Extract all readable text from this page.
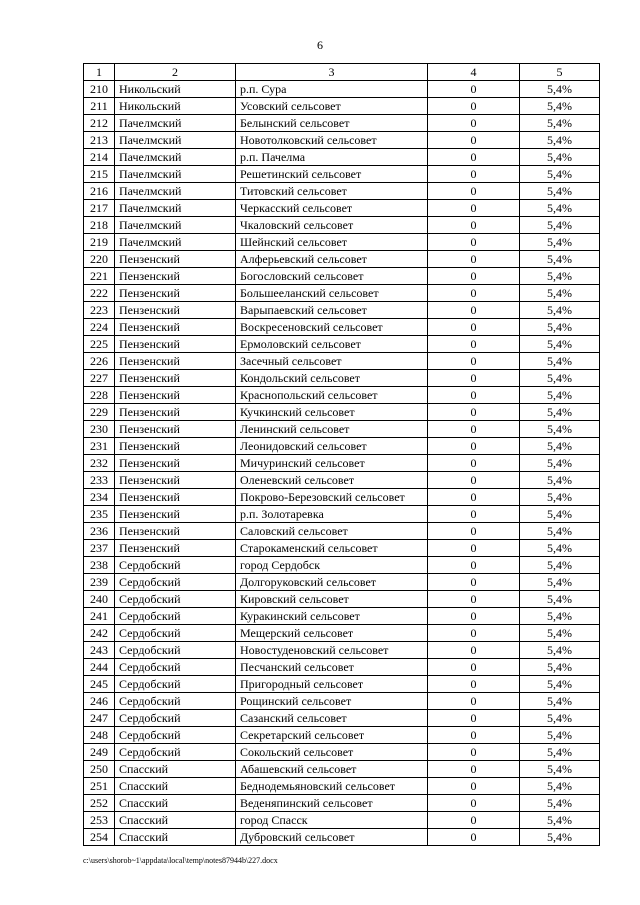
6
1	2	3	4	5
210	Никольский	р.п. Сура	0	5,4%
211	Никольский	Усовский сельсовет	0	5,4%
212	Пачелмский	Белынский сельсовет	0	5,4%
213	Пачелмский	Новотолковский сельсовет	0	5,4%
214	Пачелмский	р.п. Пачелма	0	5,4%
215	Пачелмский	Решетинский сельсовет	0	5,4%
216	Пачелмский	Титовский сельсовет	0	5,4%
217	Пачелмский	Черкасский сельсовет	0	5,4%
218	Пачелмский	Чкаловский сельсовет	0	5,4%
219	Пачелмский	Шейнский сельсовет	0	5,4%
220	Пензенский	Алферьевский сельсовет	0	5,4%
221	Пензенский	Богословский сельсовет	0	5,4%
222	Пензенский	Большееланский сельсовет	0	5,4%
223	Пензенский	Варыпаевский сельсовет	0	5,4%
224	Пензенский	Воскресеновский сельсовет	0	5,4%
225	Пензенский	Ермоловский сельсовет	0	5,4%
226	Пензенский	Засечный сельсовет	0	5,4%
227	Пензенский	Кондольский сельсовет	0	5,4%
228	Пензенский	Краснопольский сельсовет	0	5,4%
229	Пензенский	Кучкинский сельсовет	0	5,4%
230	Пензенский	Ленинский сельсовет	0	5,4%
231	Пензенский	Леонидовский сельсовет	0	5,4%
232	Пензенский	Мичуринский сельсовет	0	5,4%
233	Пензенский	Оленевский сельсовет	0	5,4%
234	Пензенский	Покрово-Березовский сельсовет	0	5,4%
235	Пензенский	р.п. Золотаревка	0	5,4%
236	Пензенский	Саловский сельсовет	0	5,4%
237	Пензенский	Старокаменский сельсовет	0	5,4%
238	Сердобский	город Сердобск	0	5,4%
239	Сердобский	Долгоруковский сельсовет	0	5,4%
240	Сердобский	Кировский сельсовет	0	5,4%
241	Сердобский	Куракинский сельсовет	0	5,4%
242	Сердобский	Мещерский сельсовет	0	5,4%
243	Сердобский	Новостуденовский сельсовет	0	5,4%
244	Сердобский	Песчанский сельсовет	0	5,4%
245	Сердобский	Пригородный сельсовет	0	5,4%
246	Сердобский	Рощинский сельсовет	0	5,4%
247	Сердобский	Сазанский сельсовет	0	5,4%
248	Сердобский	Секретарский сельсовет	0	5,4%
249	Сердобский	Сокольский сельсовет	0	5,4%
250	Спасский	Абашевский сельсовет	0	5,4%
251	Спасский	Беднодемьяновский сельсовет	0	5,4%
252	Спасский	Веденяпинский сельсовет	0	5,4%
253	Спасский	город Спасск	0	5,4%
254	Спасский	Дубровский сельсовет	0	5,4%
c:\users\shorob~1\appdata\local\temp\notes87944b\227.docx
